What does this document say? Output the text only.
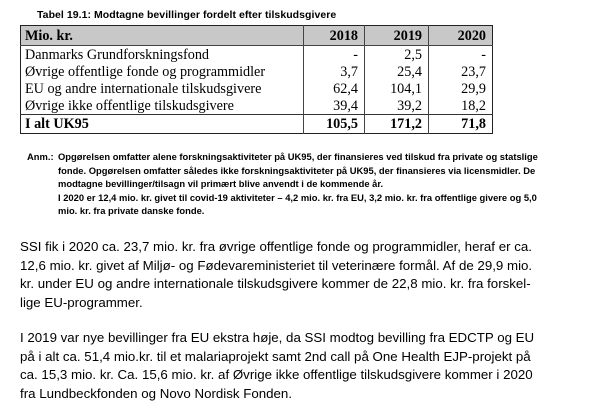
Tabel 19.1: Modtagne bevillinger fordelt efter tilskudsgivere
Mio. kr.	2018	2019	2020
Danmarks Grundforskningsfond	-	2,5	-
Øvrige offentlige fonde og programmidler	3,7	25,4	23,7
EU og andre internationale tilskudsgivere	62,4	104,1	29,9
Øvrige ikke offentlige tilskudsgivere	39,4	39,2	18,2
I alt UK95	105,5	171,2	71,8
Anm.: Opgørelsen omfatter alene forskningsaktiviteter på UK95, der finansieres ved tilskud fra private og statslige
fonde. Opgørelsen omfatter således ikke forskningsaktiviteter på UK95, der finansieres via licensmidler. De
modtagne bevillinger/tilsagn vil primært blive anvendt i de kommende år.
I 2020 er 12,4 mio. kr. givet til covid-19 aktiviteter – 4,2 mio. kr. fra EU, 3,2 mio. kr. fra offentlige givere og 5,0
mio. kr. fra private danske fonde.
SSI fik i 2020 ca. 23,7 mio. kr. fra øvrige offentlige fonde og programmidler, heraf er ca.
12,6 mio. kr. givet af Miljø- og Fødevareministeriet til veterinære formål. Af de 29,9 mio.
kr. under EU og andre internationale tilskudsgivere kommer de 22,8 mio. kr. fra forskel-
lige EU-programmer.
I 2019 var nye bevillinger fra EU ekstra høje, da SSI modtog bevilling fra EDCTP og EU
på i alt ca. 51,4 mio.kr. til et malariaprojekt samt 2nd call på One Health EJP-projekt på
ca. 15,3 mio. kr. Ca. 15,6 mio. kr. af Øvrige ikke offentlige tilskudsgivere kommer i 2020
fra Lundbeckfonden og Novo Nordisk Fonden.
